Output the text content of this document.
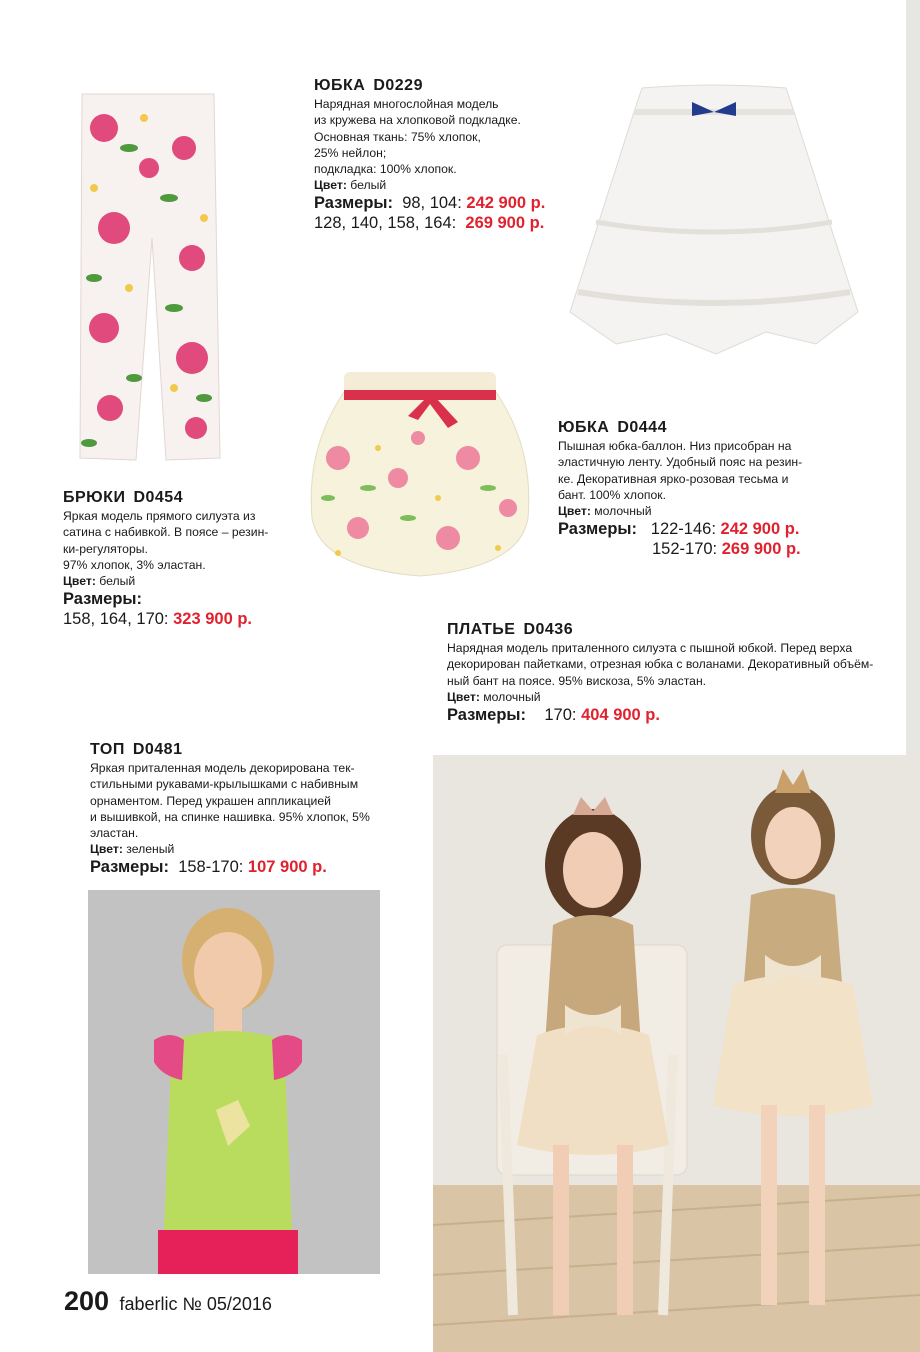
ЮБКА D0229
Нарядная многослойная модель
из кружева на хлопковой подкладке.
Основная ткань: 75% хлопок,
25% нейлон;
подкладка: 100% хлопок.
Цвет: белый
Размеры: 98, 104: 242 900 р.
128, 140, 158, 164: 269 900 р.
ЮБКА D0444
Пышная юбка-баллон. Низ присобран на
эластичную ленту. Удобный пояс на резин-
ке. Декоративная ярко-розовая тесьма и
бант. 100% хлопок.
Цвет: молочный
Размеры: 122-146: 242 900 р.
152-170: 269 900 р.
БРЮКИ D0454
Яркая модель прямого силуэта из
сатина с набивкой. В поясе – резин-
ки-регуляторы.
97% хлопок, 3% эластан.
Цвет: белый
Размеры:
158, 164, 170: 323 900 р.
ПЛАТЬЕ D0436
Нарядная модель приталенного силуэта с пышной юбкой. Перед верха
декорирован пайетками, отрезная юбка с воланами. Декоративный объём-
ный бант на поясе. 95% вискоза, 5% эластан.
Цвет: молочный
Размеры: 170: 404 900 р.
ТОП D0481
Яркая приталенная модель декорирована тек-
стильными рукавами-крылышками с набивным
орнаментом. Перед украшен аппликацией
и вышивкой, на спинке нашивка. 95% хлопок, 5%
эластан.
Цвет: зеленый
Размеры: 158-170: 107 900 р.
200 faberlic № 05/2016
